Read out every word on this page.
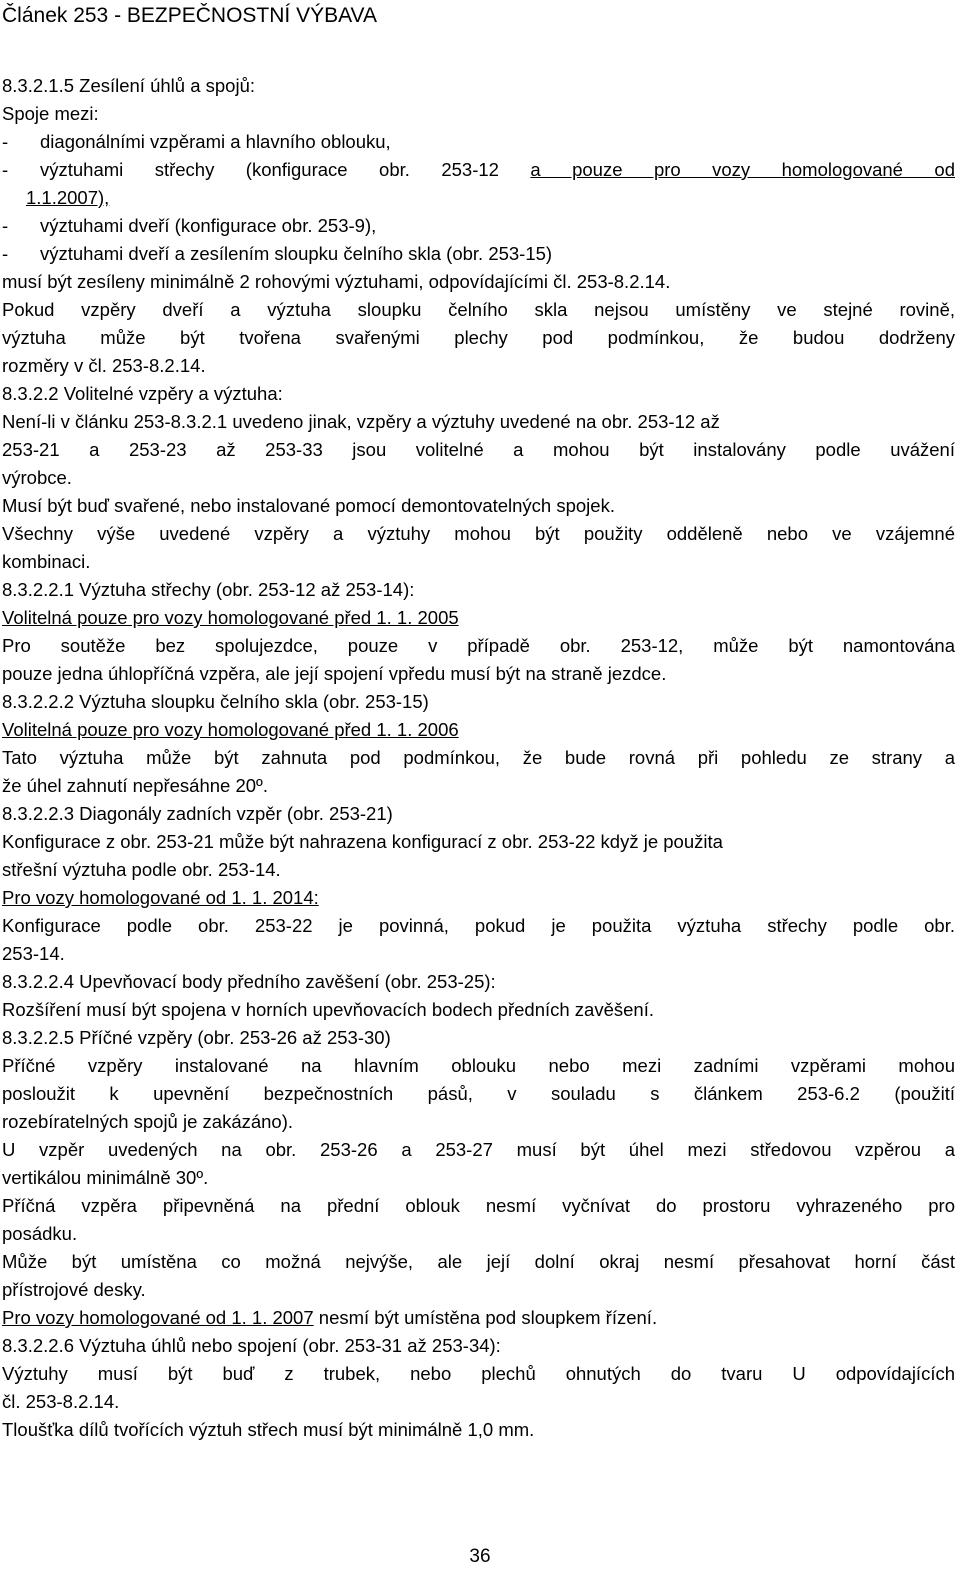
Článek 253 - BEZPEČNOSTNÍ VÝBAVA
8.3.2.1.5 Zesílení úhlů a spojů:
Spoje mezi:
- diagonálními vzpěrami a hlavního oblouku,
- výztuhami střechy (konfigurace obr. 253-12 a pouze pro vozy homologované od
1.1.2007),
- výztuhami dveří (konfigurace obr. 253-9),
- výztuhami dveří a zesílením sloupku čelního skla (obr. 253-15)
musí být zesíleny minimálně 2 rohovými výztuhami, odpovídajícími čl. 253-8.2.14.
Pokud vzpěry dveří a výztuha sloupku čelního skla nejsou umístěny ve stejné rovině,
výztuha může být tvořena svařenými plechy pod podmínkou, že budou dodrženy
rozměry v čl. 253-8.2.14.
8.3.2.2 Volitelné vzpěry a výztuha:
Není-li v článku 253-8.3.2.1 uvedeno jinak, vzpěry a výztuhy uvedené na obr. 253-12 až
253-21 a 253-23 až 253-33 jsou volitelné a mohou být instalovány podle uvážení
výrobce.
Musí být buď svařené, nebo instalované pomocí demontovatelných spojek.
Všechny výše uvedené vzpěry a výztuhy mohou být použity odděleně nebo ve vzájemné
kombinaci.
8.3.2.2.1 Výztuha střechy (obr. 253-12 až 253-14):
Volitelná pouze pro vozy homologované před 1. 1. 2005
Pro soutěže bez spolujezdce, pouze v případě obr. 253-12, může být namontována
pouze jedna úhlopříčná vzpěra, ale její spojení vpředu musí být na straně jezdce.
8.3.2.2.2 Výztuha sloupku čelního skla (obr. 253-15)
Volitelná pouze pro vozy homologované před 1. 1. 2006
Tato výztuha může být zahnuta pod podmínkou, že bude rovná při pohledu ze strany a
že úhel zahnutí nepřesáhne 20º.
8.3.2.2.3 Diagonály zadních vzpěr (obr. 253-21)
Konfigurace z obr. 253-21 může být nahrazena konfigurací z obr. 253-22 když je použita
střešní výztuha podle obr. 253-14.
Pro vozy homologované od 1. 1. 2014:
Konfigurace podle obr. 253-22 je povinná, pokud je použita výztuha střechy podle obr.
253-14.
8.3.2.2.4 Upevňovací body předního zavěšení (obr. 253-25):
Rozšíření musí být spojena v horních upevňovacích bodech předních zavěšení.
8.3.2.2.5 Příčné vzpěry (obr. 253-26 až 253-30)
Příčné vzpěry instalované na hlavním oblouku nebo mezi zadními vzpěrami mohou
posloužit k upevnění bezpečnostních pásů, v souladu s článkem 253-6.2 (použití
rozebíratelných spojů je zakázáno).
U vzpěr uvedených na obr. 253-26 a 253-27 musí být úhel mezi středovou vzpěrou a
vertikálou minimálně 30º.
Příčná vzpěra připevněná na přední oblouk nesmí vyčnívat do prostoru vyhrazeného pro
posádku.
Může být umístěna co možná nejvýše, ale její dolní okraj nesmí přesahovat horní část
přístrojové desky.
Pro vozy homologované od 1. 1. 2007 nesmí být umístěna pod sloupkem řízení.
8.3.2.2.6 Výztuha úhlů nebo spojení (obr. 253-31 až 253-34):
Výztuhy musí být buď z trubek, nebo plechů ohnutých do tvaru U odpovídajících
čl. 253-8.2.14.
Tloušťka dílů tvořících výztuh střech musí být minimálně 1,0 mm.
36
